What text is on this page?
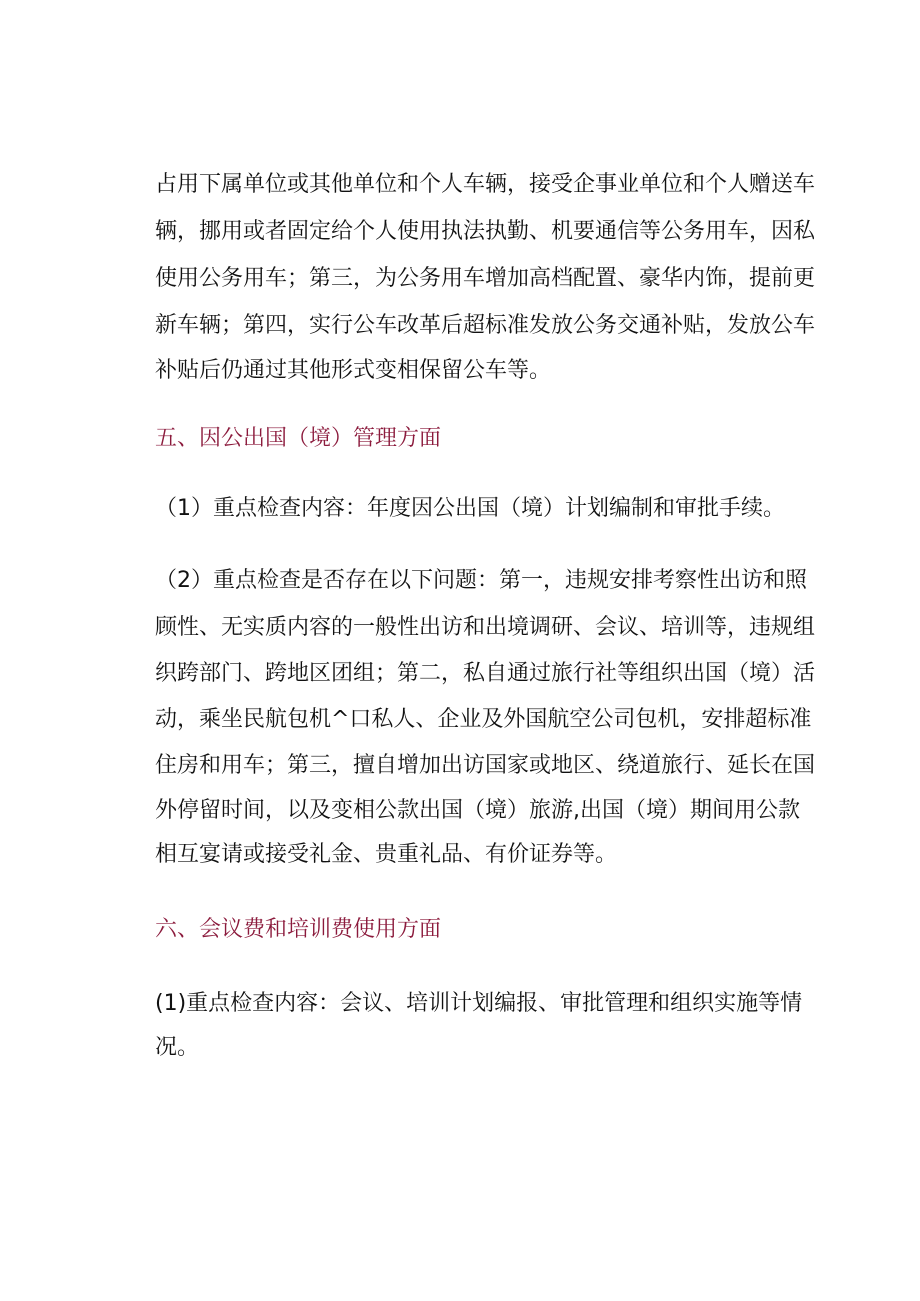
占用下属单位或其他单位和个人车辆，接受企事业单位和个人赠送车
辆，挪用或者固定给个人使用执法执勤、机要通信等公务用车，因私
使用公务用车；第三，为公务用车增加高档配置、豪华内饰，提前更
新车辆；第四，实行公车改革后超标准发放公务交通补贴，发放公车
补贴后仍通过其他形式变相保留公车等。
五、因公出国（境）管理方面
（1）重点检查内容：年度因公出国（境）计划编制和审批手续。
（2）重点检查是否存在以下问题：第一，违规安排考察性出访和照
顾性、无实质内容的一般性出访和出境调研、会议、培训等，违规组
织跨部门、跨地区团组；第二，私自通过旅行社等组织出国（境）活
动，乘坐民航包机^口私人、企业及外国航空公司包机，安排超标准
住房和用车；第三，擅自增加出访国家或地区、绕道旅行、延长在国
外停留时间，以及变相公款出国（境）旅游,出国（境）期间用公款
相互宴请或接受礼金、贵重礼品、有价证券等。
六、会议费和培训费使用方面
(1)重点检查内容：会议、培训计划编报、审批管理和组织实施等情
况。
